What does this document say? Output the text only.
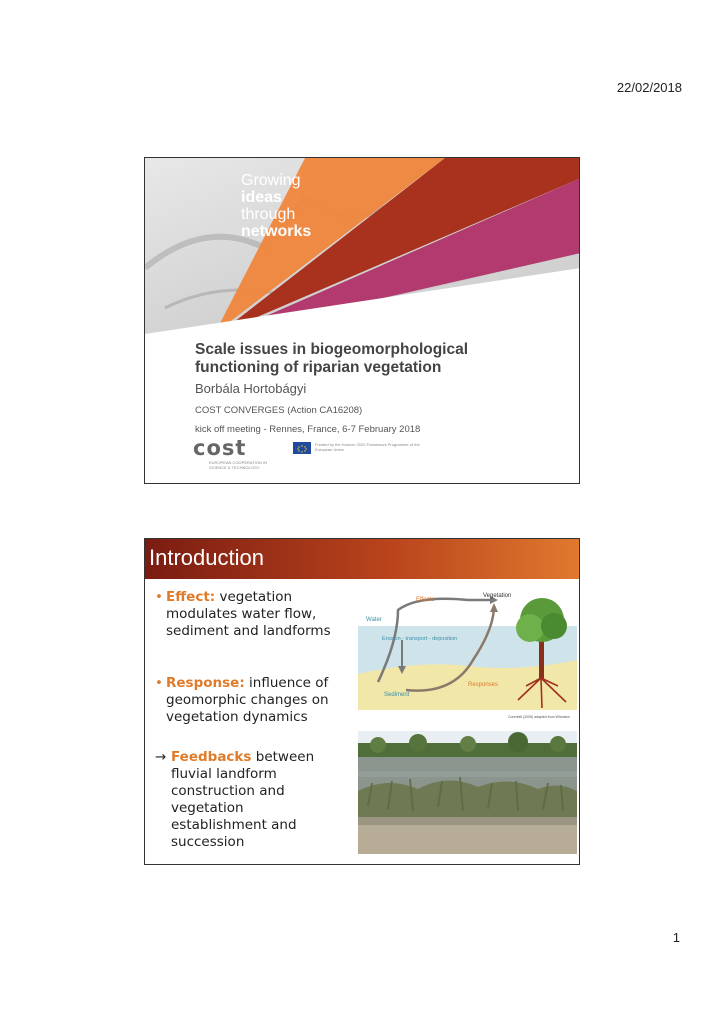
22/02/2018
Growing
ideas
through
networks
Scale issues in biogeomorphological
functioning of riparian vegetation
Borbála Hortobágyi
COST CONVERGES (Action CA16208)
kick off meeting - Rennes, France, 6-7 February 2018
cost
EUROPEAN COOPERATION IN SCIENCE & TECHNOLOGY
Funded by the Horizon 2020 Framework Programme of the European Union
Introduction
• Effect: vegetation
modulates water flow,
sediment and landforms
• Response: influence of
geomorphic changes on
vegetation dynamics
→ Feedbacks between
fluvial landform
construction and
vegetation
establishment and
succession
Effects
Vegetation
Water
Erosion - transport - deposition
Responses
Sediment
Corenblit (2005) adapted from Wheaton
1
